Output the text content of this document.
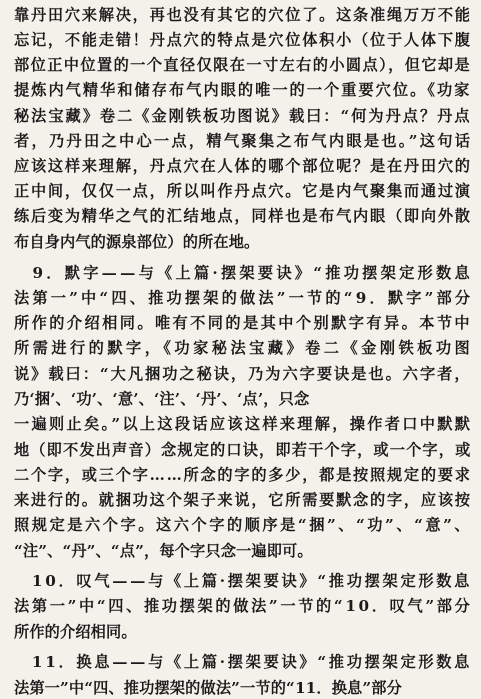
靠丹田穴来解决，再也没有其它的穴位了。这条准绳万万不能
忘记，不能走错！丹点穴的特点是穴位体积小（位于人体下腹
部位正中位置的一个直径仅限在一寸左右的小圆点），但它却是
提炼内气精华和储存布气内眼的唯一的一个重要穴位。《功家
秘法宝藏》卷二《金刚铁板功图说》载曰：“何为丹点？丹点
者，乃丹田之中心一点，精气聚集之布气内眼是也。”这句话
应该这样来理解，丹点穴在人体的哪个部位呢？是在丹田穴的
正中间，仅仅一点，所以叫作丹点穴。它是内气聚集而通过演
练后变为精华之气的汇结地点，同样也是布气内眼（即向外散
布自身内气的源泉部位）的所在地。
　9．默字——与《上篇·摆架要诀》“推功摆架定形数息
法第一”中“四、推功摆架的做法”一节的“9．默字”部分
所作的介绍相同。唯有不同的是其中个别默字有异。本节中
所需进行的默字，《功家秘法宝藏》卷二《金刚铁板功图
说》载曰：“大凡捆功之秘诀，乃为六字要诀是也。六字者，
乃‘捆’、‘功’、‘意’、‘注’、‘丹’、‘点’，只念
一遍则止矣。”以上这段话应该这样来理解，操作者口中默默
地（即不发出声音）念规定的口诀，即若干个字，或一个字，或
二个字，或三个字……所念的字的多少，都是按照规定的要求
来进行的。就捆功这个架子来说，它所需要默念的字，应该按
照规定是六个字。这六个字的顺序是“捆”、“功”、“意”、
“注”、“丹”、“点”，每个字只念一遍即可。
　10．叹气——与《上篇·摆架要诀》“推功摆架定形数息
法第一”中“四、推功摆架的做法”一节的“10．叹气”部分
所作的介绍相同。
　11．换息——与《上篇·摆架要诀》“推功摆架定形数息
法第一”中“四、推功摆架的做法”一节的“11．换息”部分
